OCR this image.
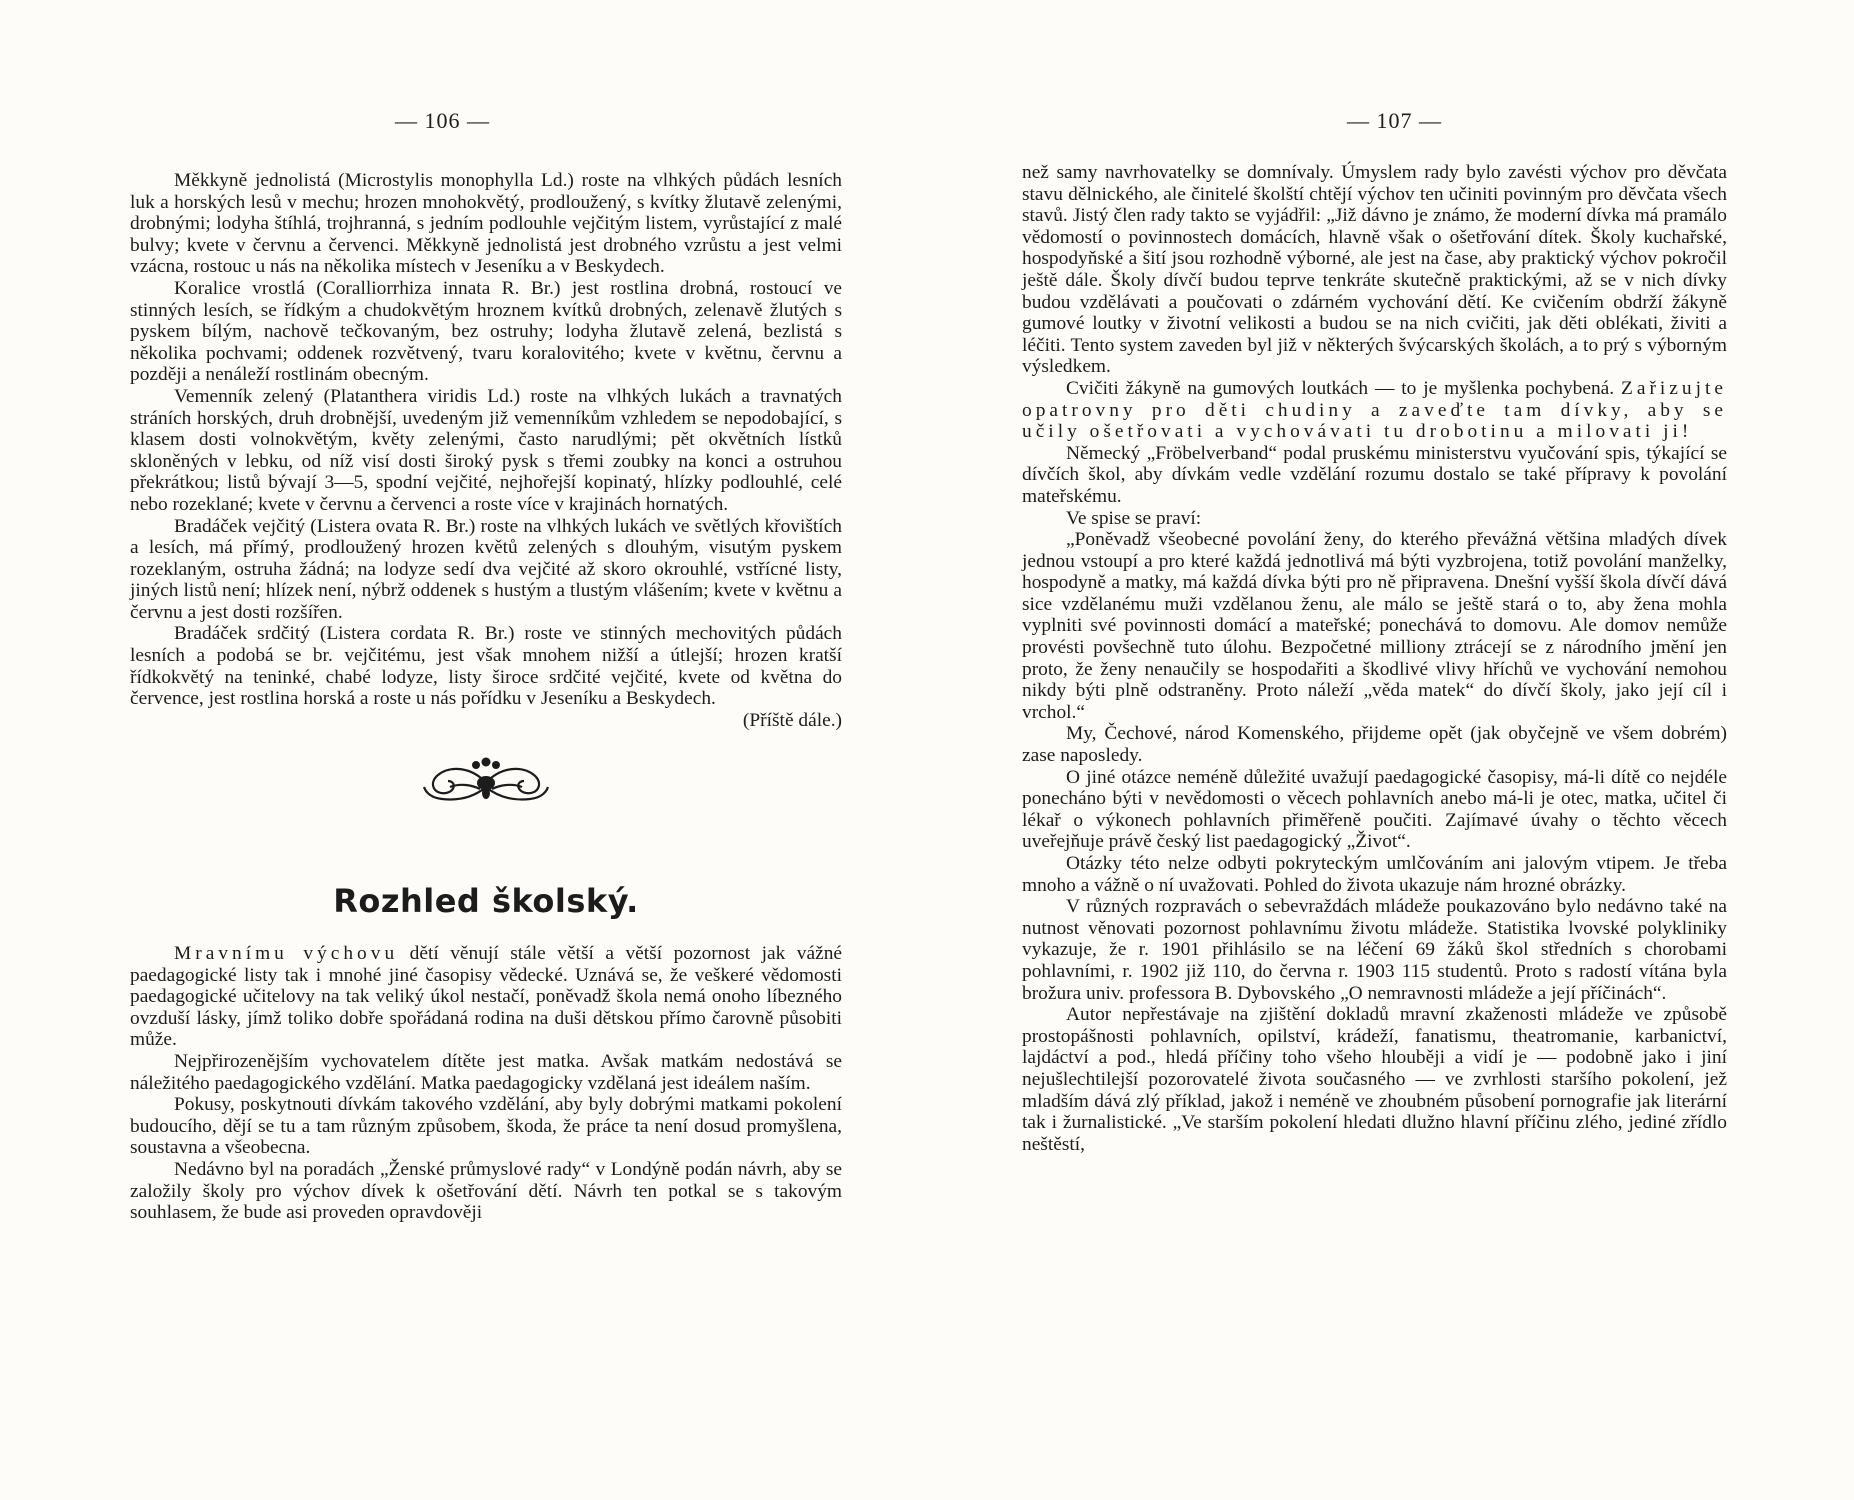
— 106 —

Měkkyně jednolistá (Microstylis monophylla Ld.) roste na vlhkých půdách lesních luk a horských lesů v mechu; hrozen mnohokvětý, prodloužený, s kvítky žlutavě zelenými, drobnými; lodyha štíhlá, trojhranná, s jedním podlouhle vejčitým listem, vyrůstající z malé bulvy; kvete v červnu a červenci. Měkkyně jednolistá jest drobného vzrůstu a jest velmi vzácna, rostouc u nás na několika místech v Jeseníku a v Beskydech.

Koralice vrostlá (Coralliorrhiza innata R. Br.) jest rostlina drobná, rostoucí ve stinných lesích, se řídkým a chudokvětým hroznem kvítků drobných, zelenavě žlutých s pyskem bílým, nachově tečkovaným, bez ostruhy; lodyha žlutavě zelená, bezlistá s několika pochvami; oddenek rozvětvený, tvaru koralovitého; kvete v květnu, červnu a později a nenáleží rostlinám obecným.

Vemenník zelený (Platanthera viridis Ld.) roste na vlhkých lukách a travnatých stráních horských, druh drobnější, uvedeným již vemenníkům vzhledem se nepodobající, s klasem dosti volnokvětým, květy zelenými, často narudlými; pět okvětních lístků skloněných v lebku, od níž visí dosti široký pysk s třemi zoubky na konci a ostruhou překrátkou; listů bývají 3—5, spodní vejčité, nejhořejší kopinatý, hlízky podlouhlé, celé nebo rozeklané; kvete v červnu a červenci a roste více v krajinách hornatých.

Bradáček vejčitý (Listera ovata R. Br.) roste na vlhkých lukách ve světlých křovištích a lesích, má přímý, prodloužený hrozen květů zelených s dlouhým, visutým pyskem rozeklaným, ostruha žádná; na lodyze sedí dva vejčité až skoro okrouhlé, vstřícné listy, jiných listů není; hlízek není, nýbrž oddenek s hustým a tlustým vlášením; kvete v květnu a červnu a jest dosti rozšířen.

Bradáček srdčitý (Listera cordata R. Br.) roste ve stinných mechovitých půdách lesních a podobá se br. vejčitému, jest však mnohem nižší a útlejší; hrozen kratší řídkokvětý na teninké, chabé lodyze, listy široce srdčité vejčité, kvete od května do července, jest rostlina horská a roste u nás pořídku v Jeseníku a Beskydech.

(Příště dále.)

Rozhled školský.

Mravnímu výchovu dětí věnují stále větší a větší pozornost jak vážné paedagogické listy tak i mnohé jiné časopisy vědecké. Uznává se, že veškeré vědomosti paedagogické učitelovy na tak veliký úkol nestačí, poněvadž škola nemá onoho líbezného ovzduší lásky, jímž toliko dobře spořádaná rodina na duši dětskou přímo čarovně působiti může.

Nejpřirozenějším vychovatelem dítěte jest matka. Avšak matkám nedostává se náležitého paedagogického vzdělání. Matka paedagogicky vzdělaná jest ideálem naším.

Pokusy, poskytnouti dívkám takového vzdělání, aby byly dobrými matkami pokolení budoucího, dějí se tu a tam různým způsobem, škoda, že práce ta není dosud promyšlena, soustavna a všeobecna.

Nedávno byl na poradách „Ženské průmyslové rady“ v Londýně podán návrh, aby se založily školy pro výchov dívek k ošetřování dětí. Návrh ten potkal se s takovým souhlasem, že bude asi proveden opravdověji

— 107 —

než samy navrhovatelky se domnívaly. Úmyslem rady bylo zavésti výchov pro děvčata stavu dělnického, ale činitelé školští chtějí výchov ten učiniti povinným pro děvčata všech stavů. Jistý člen rady takto se vyjádřil: „Již dávno je známo, že moderní dívka má pramálo vědomostí o povinnostech domácích, hlavně však o ošetřování dítek. Školy kuchařské, hospodyňské a šití jsou rozhodně výborné, ale jest na čase, aby praktický výchov pokročil ještě dále. Školy dívčí budou teprve tenkráte skutečně praktickými, až se v nich dívky budou vzdělávati a poučovati o zdárném vychování dětí. Ke cvičením obdrží žákyně gumové loutky v životní velikosti a budou se na nich cvičiti, jak děti oblékati, živiti a léčiti. Tento system zaveden byl již v některých švýcarských školách, a to prý s výborným výsledkem.

Cvičiti žákyně na gumových loutkách — to je myšlenka pochybená. Zařizujte opatrovny pro děti chudiny a zaveďte tam dívky, aby se učily ošetřovati a vychovávati tu drobotinu a milovati ji!

Německý „Fröbelverband“ podal pruskému ministerstvu vyučování spis, týkající se dívčích škol, aby dívkám vedle vzdělání rozumu dostalo se také přípravy k povolání mateřskému.

Ve spise se praví:

„Poněvadž všeobecné povolání ženy, do kterého převážná většina mladých dívek jednou vstoupí a pro které každá jednotlivá má býti vyzbrojena, totiž povolání manželky, hospodyně a matky, má každá dívka býti pro ně připravena. Dnešní vyšší škola dívčí dává sice vzdělanému muži vzdělanou ženu, ale málo se ještě stará o to, aby žena mohla vyplniti své povinnosti domácí a mateřské; ponechává to domovu. Ale domov nemůže provésti povšechně tuto úlohu. Bezpočetné milliony ztrácejí se z národního jmění jen proto, že ženy nenaučily se hospodařiti a škodlivé vlivy hříchů ve vychování nemohou nikdy býti plně odstraněny. Proto náleží „věda matek“ do dívčí školy, jako její cíl i vrchol.“

My, Čechové, národ Komenského, přijdeme opět (jak obyčejně ve všem dobrém) zase naposledy.

O jiné otázce neméně důležité uvažují paedagogické časopisy, má-li dítě co nejdéle ponecháno býti v nevědomosti o věcech pohlavních anebo má-li je otec, matka, učitel či lékař o výkonech pohlavních přiměřeně poučiti. Zajímavé úvahy o těchto věcech uveřejňuje právě český list paedagogický „Život“.

Otázky této nelze odbyti pokryteckým umlčováním ani jalovým vtipem. Je třeba mnoho a vážně o ní uvažovati. Pohled do života ukazuje nám hrozné obrázky.

V různých rozpravách o sebevraždách mládeže poukazováno bylo nedávno také na nutnost věnovati pozornost pohlavnímu životu mládeže. Statistika lvovské polykliniky vykazuje, že r. 1901 přihlásilo se na léčení 69 žáků škol středních s chorobami pohlavními, r. 1902 již 110, do června r. 1903 115 studentů. Proto s radostí vítána byla brožura univ. professora B. Dybovského „O nemravnosti mládeže a její příčinách“.

Autor nepřestávaje na zjištění dokladů mravní zkaženosti mládeže ve způsobě prostopášnosti pohlavních, opilství, krádeží, fanatismu, theatromanie, karbanictví, lajdáctví a pod., hledá příčiny toho všeho hlouběji a vidí je — podobně jako i jiní nejušlechtilejší pozorovatelé života současného — ve zvrhlosti staršího pokolení, jež mladším dává zlý příklad, jakož i neméně ve zhoubném působení pornografie jak literární tak i žurnalistické. „Ve starším pokolení hledati dlužno hlavní příčinu zlého, jediné zřídlo neštěstí,
